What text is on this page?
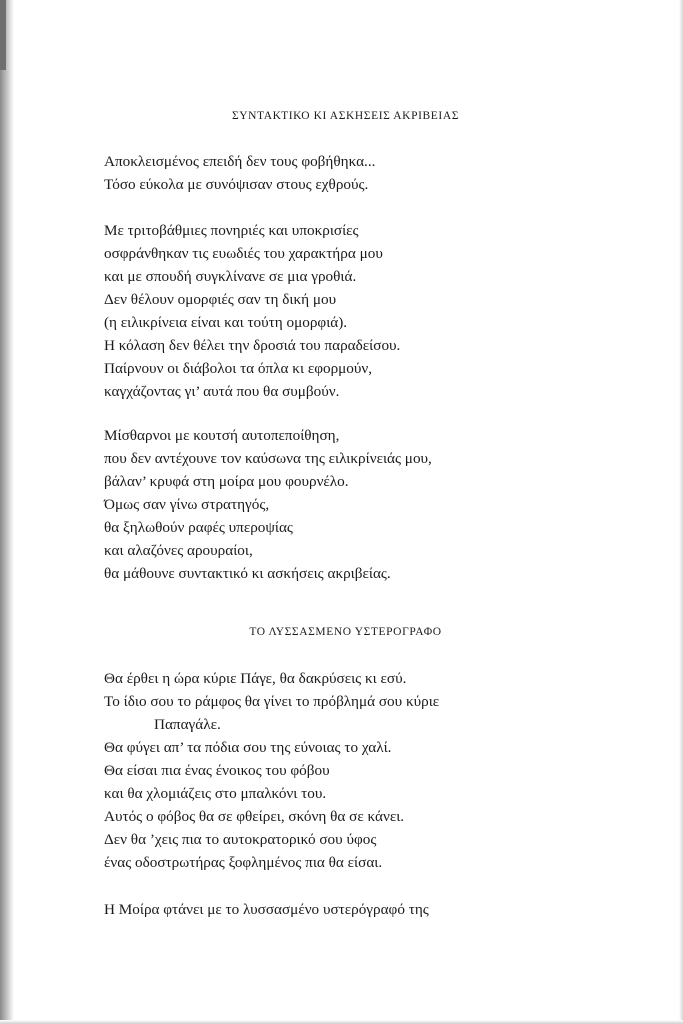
ΣΥΝΤΑΚΤΙΚΟ ΚΙ ΑΣΚΗΣΕΙΣ ΑΚΡΙΒΕΙΑΣ
Αποκλεισμένος επειδή δεν τους φοβήθηκα...
Τόσο εύκολα με συνόψισαν στους εχθρούς.
Με τριτοβάθμιες πονηριές και υποκρισίες
οσφράνθηκαν τις ευωδιές του χαρακτήρα μου
και με σπουδή συγκλίνανε σε μια γροθιά.
Δεν θέλουν ομορφιές σαν τη δική μου
(η ειλικρίνεια είναι και τούτη ομορφιά).
Η κόλαση δεν θέλει την δροσιά του παραδείσου.
Παίρνουν οι διάβολοι τα όπλα κι εφορμούν,
καγχάζοντας γι’ αυτά που θα συμβούν.
Μίσθαρνοι με κουτσή αυτοπεποίθηση,
που δεν αντέχουνε τον καύσωνα της ειλικρίνειάς μου,
βάλαν’ κρυφά στη μοίρα μου φουρνέλο.
Όμως σαν γίνω στρατηγός,
θα ξηλωθούν ραφές υπεροψίας
και αλαζόνες αρουραίοι,
θα μάθουνε συντακτικό κι ασκήσεις ακριβείας.
ΤΟ ΛΥΣΣΑΣΜΕΝΟ ΥΣΤΕΡΟΓΡΑΦΟ
Θα έρθει η ώρα κύριε Πάγε, θα δακρύσεις κι εσύ.
Το ίδιο σου το ράμφος θα γίνει το πρόβλημά σου κύριε
Παπαγάλε.
Θα φύγει απ’ τα πόδια σου της εύνοιας το χαλί.
Θα είσαι πια ένας ένοικος του φόβου
και θα χλομιάζεις στο μπαλκόνι του.
Αυτός ο φόβος θα σε φθείρει, σκόνη θα σε κάνει.
Δεν θα ’χεις πια το αυτοκρατορικό σου ύφος
ένας οδοστρωτήρας ξοφλημένος πια θα είσαι.
Η Μοίρα φτάνει με το λυσσασμένο υστερόγραφό της
